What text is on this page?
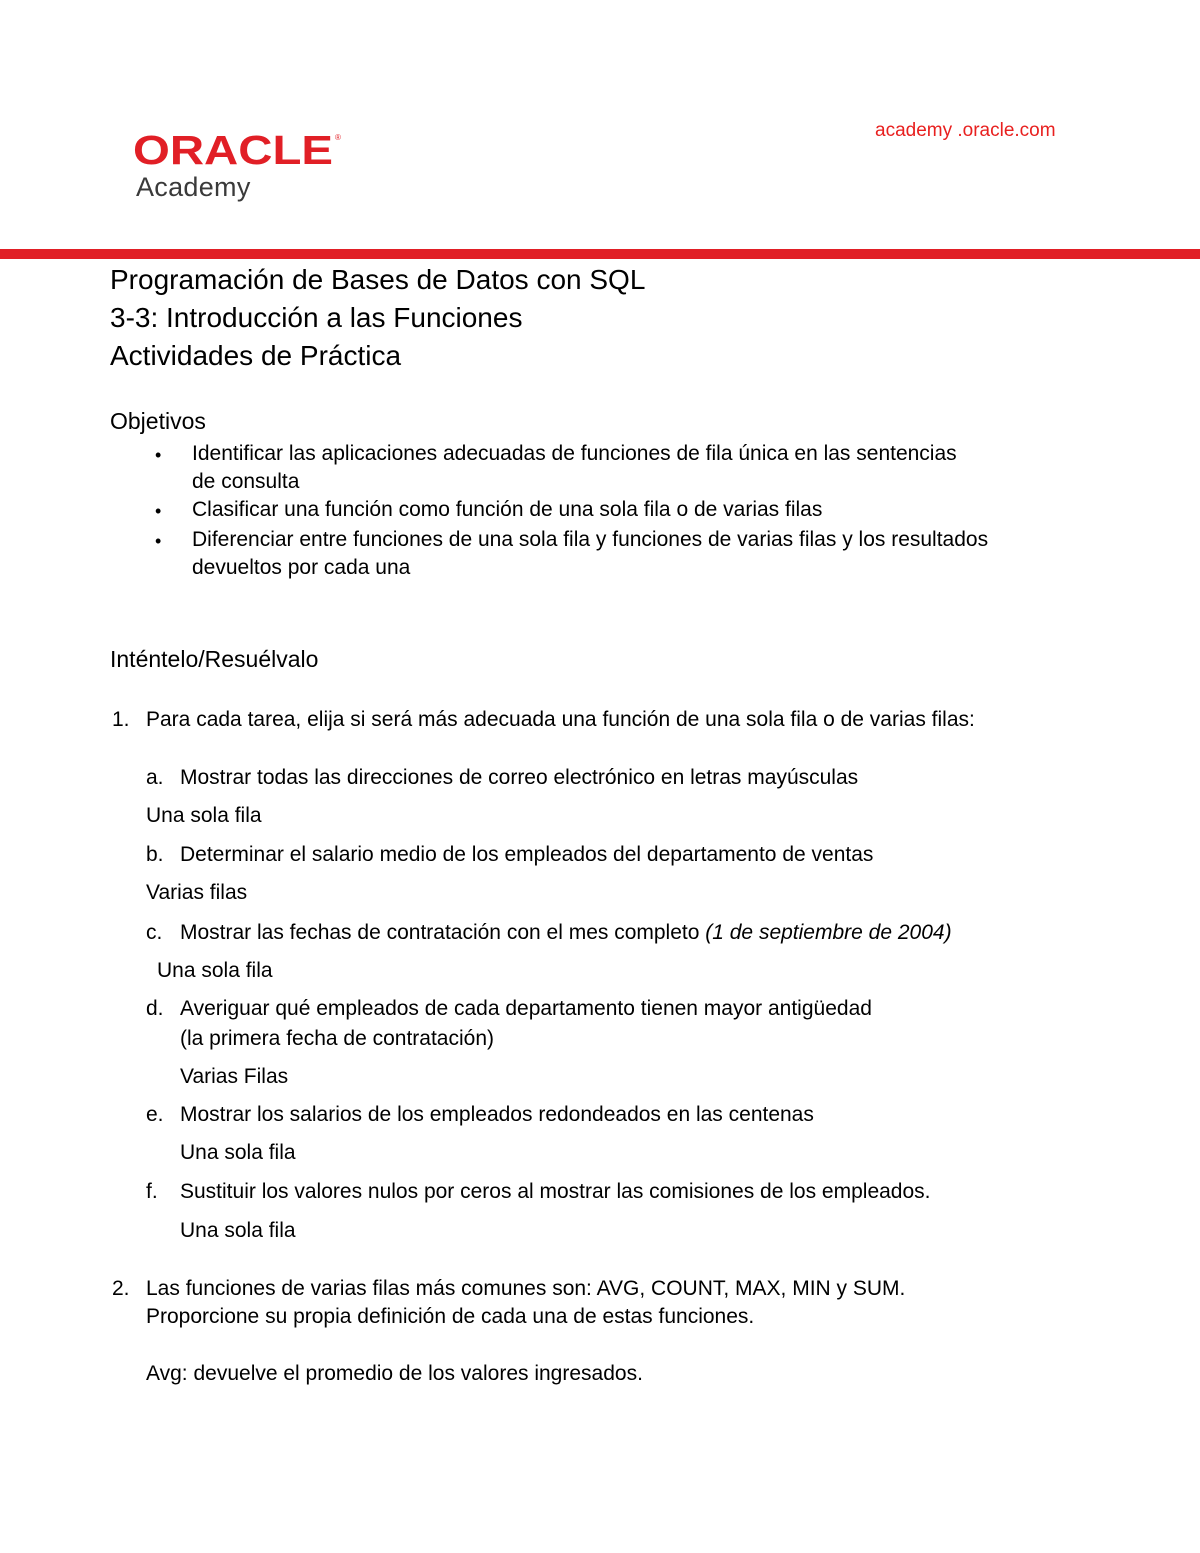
ORACLE ®
Academy
academy .oracle.com
Programación de Bases de Datos con SQL
3-3: Introducción a las Funciones
Actividades de Práctica
Objetivos
• Identificar las aplicaciones adecuadas de funciones de fila única en las sentencias
de consulta
• Clasificar una función como función de una sola fila o de varias filas
• Diferenciar entre funciones de una sola fila y funciones de varias filas y los resultados
devueltos por cada una
Inténtelo/Resuélvalo
1. Para cada tarea, elija si será más adecuada una función de una sola fila o de varias filas:
a. Mostrar todas las direcciones de correo electrónico en letras mayúsculas
Una sola fila
b. Determinar el salario medio de los empleados del departamento de ventas
Varias filas
c. Mostrar las fechas de contratación con el mes completo (1 de septiembre de 2004)
Una sola fila
d. Averiguar qué empleados de cada departamento tienen mayor antigüedad
(la primera fecha de contratación)
Varias Filas
e. Mostrar los salarios de los empleados redondeados en las centenas
Una sola fila
f. Sustituir los valores nulos por ceros al mostrar las comisiones de los empleados.
Una sola fila
2. Las funciones de varias filas más comunes son: AVG, COUNT, MAX, MIN y SUM.
Proporcione su propia definición de cada una de estas funciones.
Avg: devuelve el promedio de los valores ingresados.
